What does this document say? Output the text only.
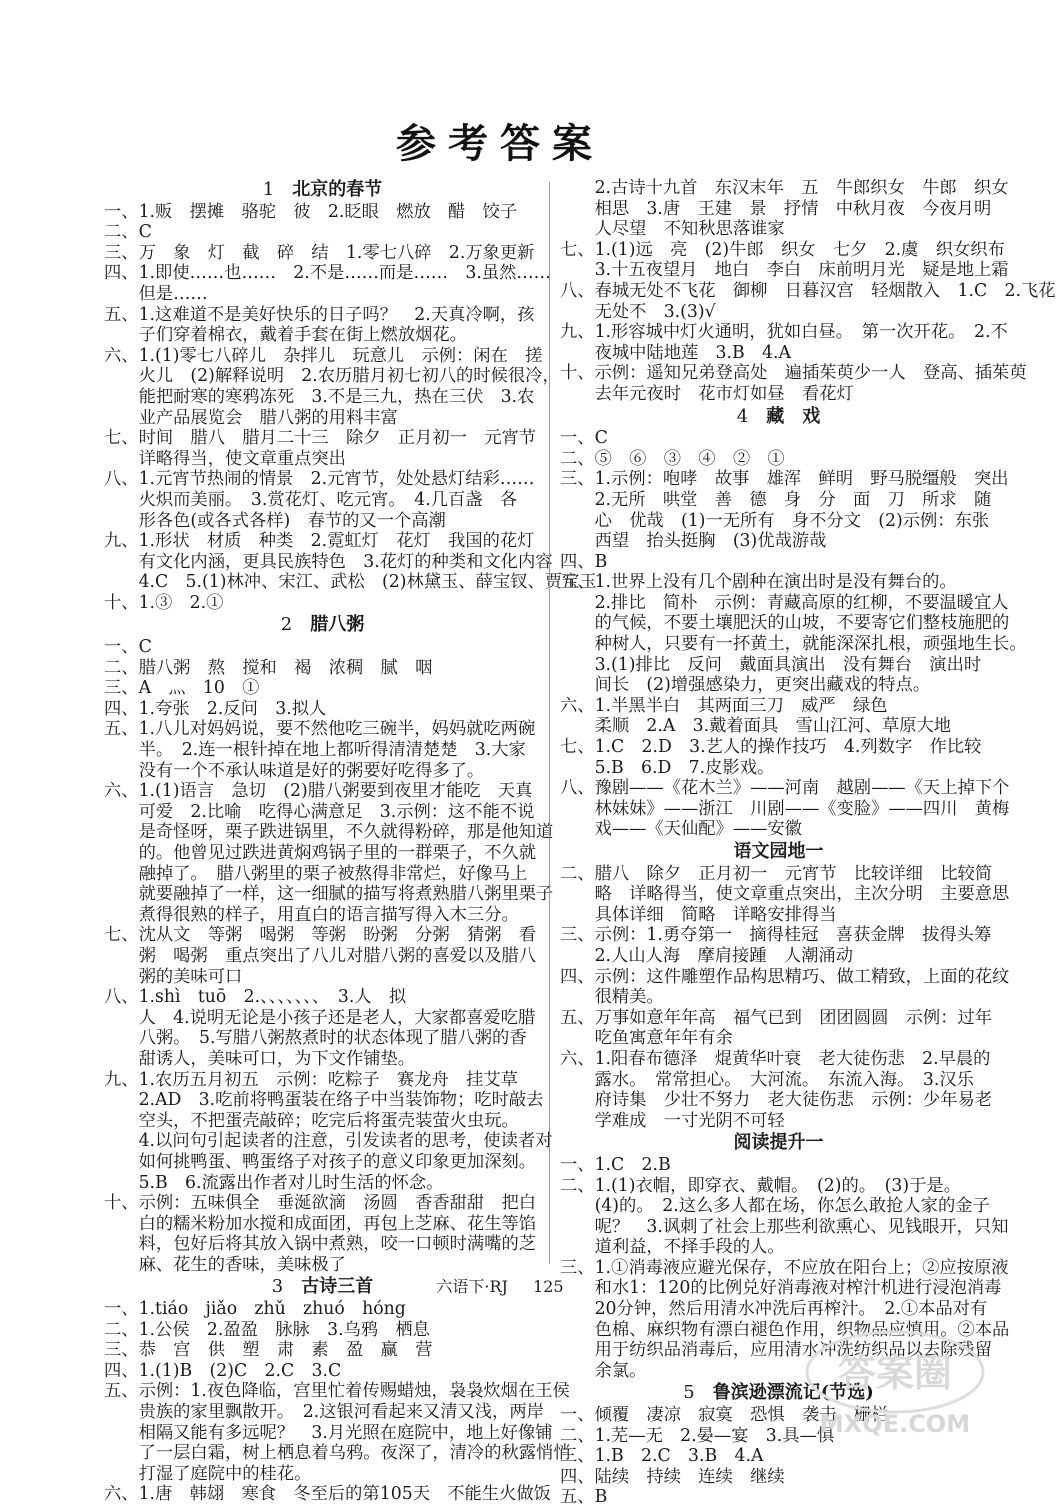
参考答案
1 北京的春节
一、1.贩　摆摊　骆驼　彼　2.眨眼　燃放　醋　饺子
二、C
三、万　象　灯　截　碎　结　1.零七八碎　2.万象更新
四、1.即使……也……　2.不是……而是……　3.虽然……
　　但是……
五、1.这难道不是美好快乐的日子吗？　2.天真冷啊，孩
　　子们穿着棉衣，戴着手套在街上燃放烟花。
六、1.(1)零七八碎儿　杂拌儿　玩意儿　示例：闲在　搓
　　火儿　(2)解释说明　2.农历腊月初七初八的时候很冷，
　　能把耐寒的寒鸦冻死　3.不是三九，热在三伏　3.农
　　业产品展览会　腊八粥的用料丰富
七、时间　腊八　腊月二十三　除夕　正月初一　元宵节
　　详略得当，使文章重点突出
八、1.元宵节热闹的情景　2.元宵节，处处悬灯结彩……
　　火炽而美丽。　3.赏花灯、吃元宵。　4.几百盏　各
　　形各色(或各式各样)　春节的又一个高潮
九、1.形状　材质　种类　2.霓虹灯　花灯　我国的花灯
　　有文化内涵，更具民族特色　3.花灯的种类和文化内容
　　4.C　5.(1)林冲、宋江、武松　(2)林黛玉、薛宝钗、贾宝玉
十、1.③　2.①
2 腊八粥
一、C
二、腊八粥　熬　搅和　褐　浓稠　腻　咽
三、A　灬　10　①
四、1.夸张　2.反问　3.拟人
五、1.八儿对妈妈说，要不然他吃三碗半，妈妈就吃两碗
　　半。　2.连一根针掉在地上都听得清清楚楚　3.大家
　　没有一个不承认味道是好的粥要好吃得多了。
六、1.(1)语言　急切　(2)腊八粥要到夜里才能吃　天真
　　可爱　2.比喻　吃得心满意足　3.示例：这不能不说
　　是奇怪呀，栗子跌进锅里，不久就得粉碎，那是他知道
　　的。他曾见过跌进黄焖鸡锅子里的一群栗子，不久就
　　融掉了。　腊八粥里的栗子被熬得非常烂，好像马上
　　就要融掉了一样，这一细腻的描写将煮熟腊八粥里栗子
　　煮得很熟的样子，用直白的语言描写得入木三分。
七、沈从文　等粥　喝粥　等粥　盼粥　分粥　猜粥　看
　　粥　喝粥　重点突出了八儿对腊八粥的喜爱以及腊八
　　粥的美味可口
八、1.shì　tuō　2.、、、、、、、　3.人　拟
　　人　4.说明无论是小孩子还是老人，大家都喜爱吃腊
　　八粥。　5.写腊八粥熬煮时的状态体现了腊八粥的香
　　甜诱人，美味可口，为下文作铺垫。
九、1.农历五月初五　示例：吃粽子　赛龙舟　挂艾草
　　2.AD　3.吃前将鸭蛋装在络子中当装饰物；吃时敲去
　　空头，不把蛋壳敲碎；吃完后将蛋壳装萤火虫玩。
　　4.以问句引起读者的注意，引发读者的思考，使读者对
　　如何挑鸭蛋、鸭蛋络子对孩子的意义印象更加深刻。
　　5.B　6.流露出作者对儿时生活的怀念。
十、示例：五味俱全　垂涎欲滴　汤圆　香香甜甜　把白
　　白的糯米粉加水搅和成面团，再包上芝麻、花生等馅
　　料，包好后将其放入锅中煮熟，咬一口顿时满嘴的芝
　　麻、花生的香味，美味极了
3 古诗三首
一、1.tiáo　jiǎo　zhǔ　zhuó　hóng
二、1.公侯　2.盈盈　脉脉　3.乌鸦　栖息
三、恭　宫　供　塑　肃　素　盈　赢　营
四、1.(1)B　(2)C　2.C　3.C
五、示例：1.夜色降临，宫里忙着传赐蜡烛，袅袅炊烟在王侯
　　贵族的家里飘散开。　2.这银河看起来又清又浅，两岸
　　相隔又能有多远呢？　3.月光照在庭院中，地上好像铺
　　了一层白霜，树上栖息着乌鸦。夜深了，清冷的秋露悄悄
　　打湿了庭院中的桂花。
六、1.唐　韩翃　寒食　冬至后的第105天　不能生火做饭
　　2.古诗十九首　东汉末年　五　牛郎织女　牛郎　织女
　　相思　3.唐　王建　景　抒情　中秋月夜　今夜月明
　　人尽望　不知秋思落谁家
七、1.(1)远　亮　(2)牛郎　织女　七夕　2.虞　织女织布
　　3.十五夜望月　地白　李白　床前明月光　疑是地上霜
八、春城无处不飞花　御柳　日暮汉宫　轻烟散入　1.C　2.飞花
　　无处不　3.(3)√
九、1.形容城中灯火通明，犹如白昼。　第一次开花。　2.不
　　夜城中陆地莲　3.B　4.A
十、示例：遥知兄弟登高处　遍插茱萸少一人　登高、插茱萸
　　去年元夜时　花市灯如昼　看花灯
4 藏　戏
一、C
二、⑤　⑥　③　④　②　①
三、1.示例：咆哮　故事　雄浑　鲜明　野马脱缰般　突出
　　2.无所　哄堂　善　德　身　分　面　刀　所求　随
　　心　优哉　(1)一无所有　身不分文　(2)示例：东张
　　西望　抬头挺胸　(3)优哉游哉
四、B
五、1.世界上没有几个剧种在演出时是没有舞台的。
　　2.排比　简朴　示例：青藏高原的红柳，不要温暖宜人
　　的气候，不要土壤肥沃的山坡，不要寄它们整枝施肥的
　　种树人，只要有一抔黄土，就能深深扎根，顽强地生长。
　　3.(1)排比　反问　戴面具演出　没有舞台　演出时
　　间长　(2)增强感染力，更突出藏戏的特点。
六、1.半黑半白　其两面三刀　威严　绿色
　　柔顺　2.A　3.戴着面具　雪山江河、草原大地
七、1.C　2.D　3.艺人的操作技巧　4.列数字　作比较
　　5.B　6.D　7.皮影戏。
八、豫剧——《花木兰》——河南　越剧——《天上掉下个
　　林妹妹》——浙江　川剧——《变脸》——四川　黄梅
　　戏——《天仙配》——安徽
语文园地一
二、腊八　除夕　正月初一　元宵节　比较详细　比较简
　　略　详略得当，使文章重点突出，主次分明　主要意思
　　具体详细　简略　详略安排得当
三、示例：1.勇夺第一　摘得桂冠　喜获金牌　拔得头筹
　　2.人山人海　摩肩接踵　人潮涌动
四、示例：这件雕塑作品构思精巧、做工精致，上面的花纹
　　很精美。
五、万事如意年年高　福气已到　团团圆圆　示例：过年
　　吃鱼寓意年年有余
六、1.阳春布德泽　焜黄华叶衰　老大徒伤悲　2.早晨的
　　露水。　常常担心。　大河流。　东流入海。　3.汉乐
　　府诗集　少壮不努力　老大徒伤悲　示例：少年易老
　　学难成　一寸光阴不可轻
阅读提升一
一、1.C　2.B
二、1.(1)衣帽，即穿衣、戴帽。　(2)的。　(3)于是。
　　(4)的。　2.这么多人都在场，你怎么敢抢人家的金子
　　呢？　3.讽刺了社会上那些利欲熏心、见钱眼开，只知
　　道利益，不择手段的人。
三、1.①消毒液应避光保存，不应放在阳台上；②应按原液
　　和水1：120的比例兑好消毒液对榨汁机进行浸泡消毒
　　20分钟，然后用清水冲洗后再榨汁。　2.①本品对有
　　色棉、麻织物有漂白褪色作用，织物品应慎用。②本品
　　用于纺织品消毒后，应用清水冲洗纺织品以去除残留
　　余氯。
5 鲁滨逊漂流记(节选)
一、倾覆　凄凉　寂寞　恐惧　袭击　栅栏
二、1.芜—无　2.晏—宴　3.具—惧
三、1.B　2.C　3.B　4.A
四、陆续　持续　连续　继续
五、B
六语下·RJ 125
答案圈
MXQE.COM
